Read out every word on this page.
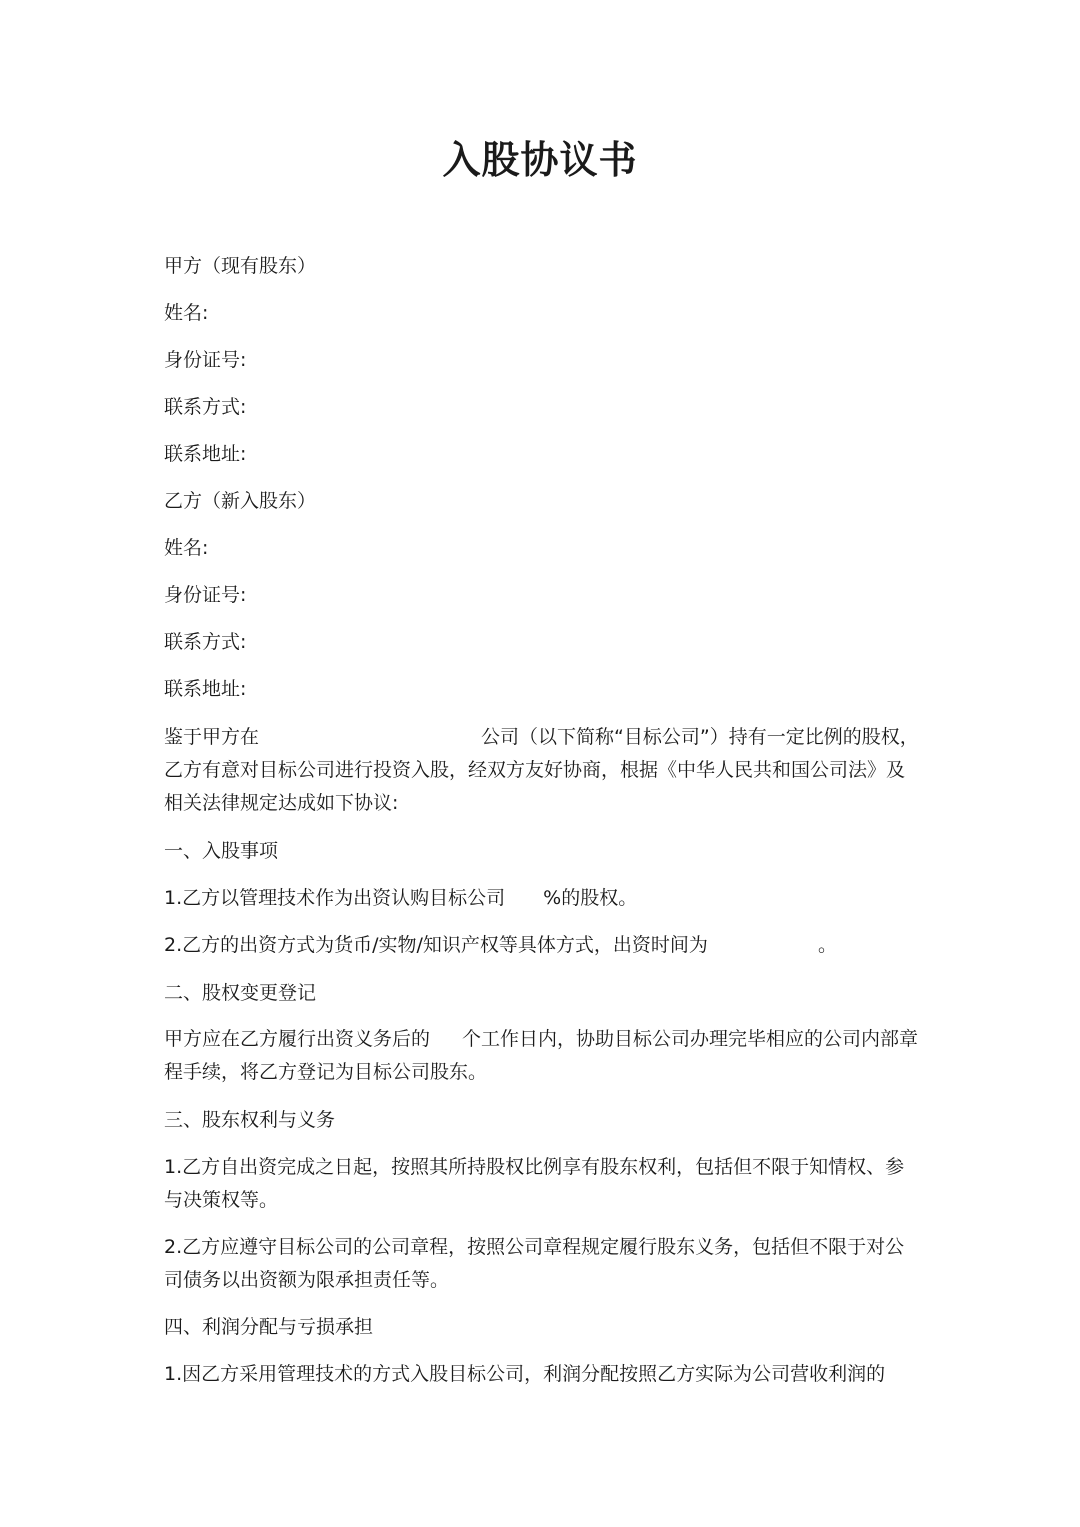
入股协议书
甲方（现有股东）
姓名:
身份证号:
联系方式:
联系地址:
乙方（新入股东）
姓名:
身份证号:
联系方式:
联系地址:
鉴于甲方在	公司（以下简称“目标公司”）持有一定比例的股权，乙方有意对目标公司进行投资入股，经双方友好协商，根据《中华人民共和国公司法》及相关法律规定达成如下协议:
一、入股事项
1.乙方以管理技术作为出资认购目标公司 %的股权。
2.乙方的出资方式为货币/实物/知识产权等具体方式，出资时间为	。
二、股权变更登记
甲方应在乙方履行出资义务后的 个工作日内，协助目标公司办理完毕相应的公司内部章程手续，将乙方登记为目标公司股东。
三、股东权利与义务
1.乙方自出资完成之日起，按照其所持股权比例享有股东权利，包括但不限于知情权、参与决策权等。
2.乙方应遵守目标公司的公司章程，按照公司章程规定履行股东义务，包括但不限于对公司债务以出资额为限承担责任等。
四、利润分配与亏损承担
1.因乙方采用管理技术的方式入股目标公司，利润分配按照乙方实际为公司营收利润的
